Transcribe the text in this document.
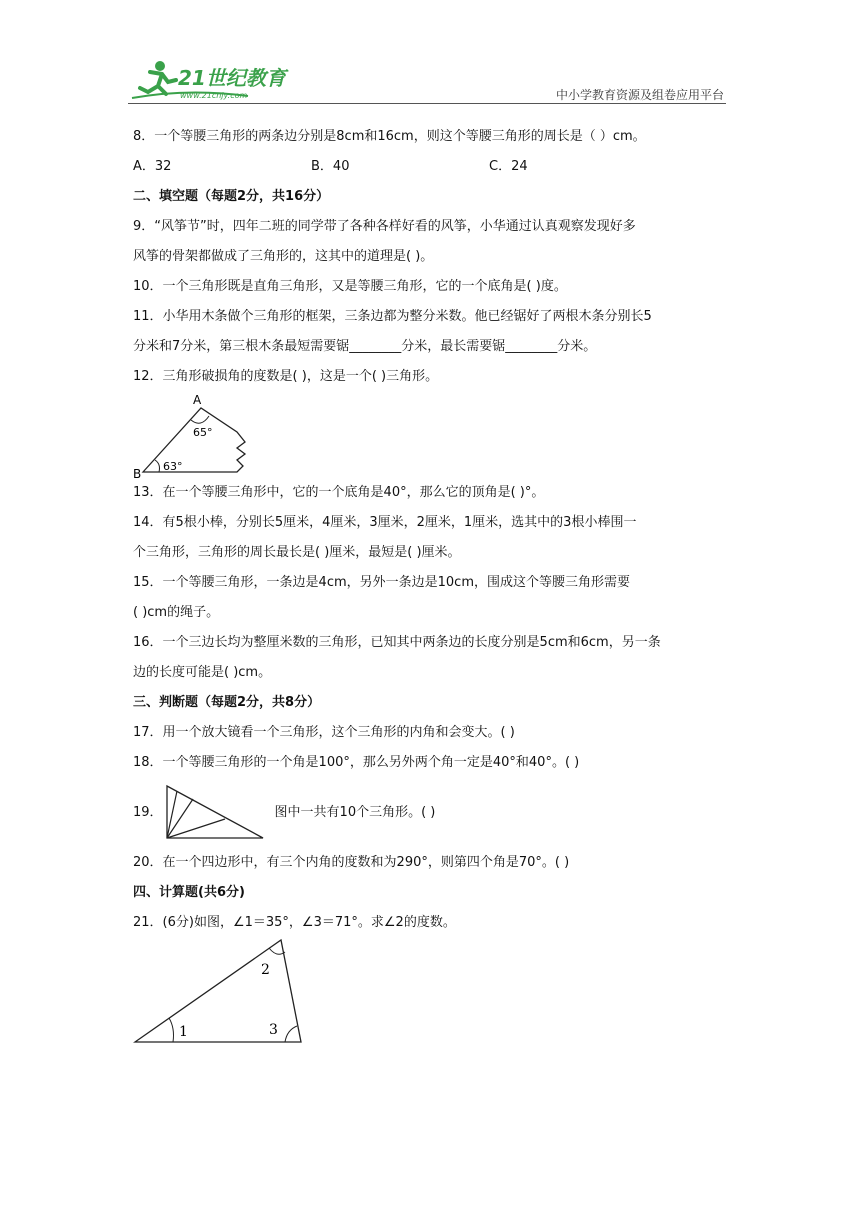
21世纪教育
www.21cnjy.com	中小学教育资源及组卷应用平台
8．一个等腰三角形的两条边分别是8cm和16cm，则这个等腰三角形的周长是（ ）cm。
A．32	B．40	C．24
二、填空题（每题2分，共16分）
9．“风筝节”时，四年二班的同学带了各种各样好看的风筝，小华通过认真观察发现好多
风筝的骨架都做成了三角形的，这其中的道理是( )。
10．一个三角形既是直角三角形，又是等腰三角形，它的一个底角是( )度。
11．小华用木条做个三角形的框架，三条边都为整分米数。他已经锯好了两根木条分别长5
分米和7分米，第三根木条最短需要锯________分米，最长需要锯________分米。
12．三角形破损角的度数是( )，这是一个( )三角形。
A
B
65°
63°
13．在一个等腰三角形中，它的一个底角是40°，那么它的顶角是( )°。
14．有5根小棒，分别长5厘米，4厘米，3厘米，2厘米，1厘米，选其中的3根小棒围一
个三角形，三角形的周长最长是( )厘米，最短是( )厘米。
15．一个等腰三角形，一条边是4cm，另外一条边是10cm，围成这个等腰三角形需要
( )cm的绳子。
16．一个三边长均为整厘米数的三角形，已知其中两条边的长度分别是5cm和6cm，另一条
边的长度可能是( )cm。
三、判断题（每题2分，共8分）
17．用一个放大镜看一个三角形，这个三角形的内角和会变大。( )
18．一个等腰三角形的一个角是100°，那么另外两个角一定是40°和40°。( )
19．	图中一共有10个三角形。( )
20．在一个四边形中，有三个内角的度数和为290°，则第四个角是70°。( )
四、计算题(共6分)
21．(6分)如图，∠1＝35°，∠3＝71°。求∠2的度数。
1
2
3
